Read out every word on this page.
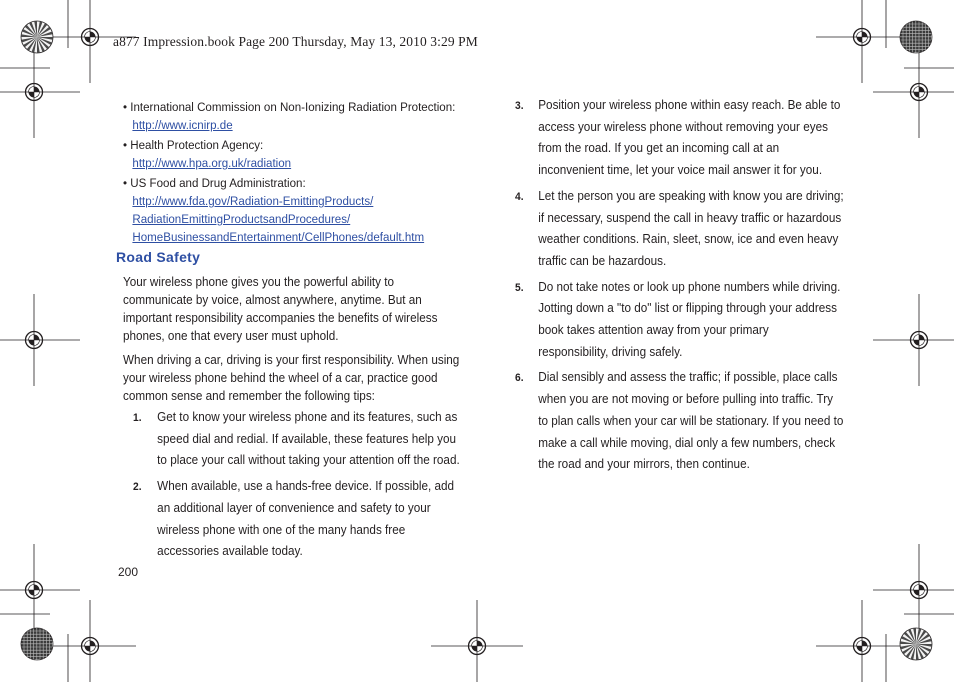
a877 Impression.book Page 200 Thursday, May 13, 2010 3:29 PM
• International Commission on Non-Ionizing Radiation Protection:
http://www.icnirp.de
• Health Protection Agency:
http://www.hpa.org.uk/radiation
• US Food and Drug Administration:
http://www.fda.gov/Radiation-EmittingProducts/
RadiationEmittingProductsandProcedures/
HomeBusinessandEntertainment/CellPhones/default.htm
Road Safety
Your wireless phone gives you the powerful ability to
communicate by voice, almost anywhere, anytime. But an
important responsibility accompanies the benefits of wireless
phones, one that every user must uphold.
When driving a car, driving is your first responsibility. When using
your wireless phone behind the wheel of a car, practice good
common sense and remember the following tips:
1. Get to know your wireless phone and its features, such as
speed dial and redial. If available, these features help you
to place your call without taking your attention off the road.
2. When available, use a hands-free device. If possible, add
an additional layer of convenience and safety to your
wireless phone with one of the many hands free
accessories available today.
3. Position your wireless phone within easy reach. Be able to
access your wireless phone without removing your eyes
from the road. If you get an incoming call at an
inconvenient time, let your voice mail answer it for you.
4. Let the person you are speaking with know you are driving;
if necessary, suspend the call in heavy traffic or hazardous
weather conditions. Rain, sleet, snow, ice and even heavy
traffic can be hazardous.
5. Do not take notes or look up phone numbers while driving.
Jotting down a "to do" list or flipping through your address
book takes attention away from your primary
responsibility, driving safely.
6. Dial sensibly and assess the traffic; if possible, place calls
when you are not moving or before pulling into traffic. Try
to plan calls when your car will be stationary. If you need to
make a call while moving, dial only a few numbers, check
the road and your mirrors, then continue.
200
